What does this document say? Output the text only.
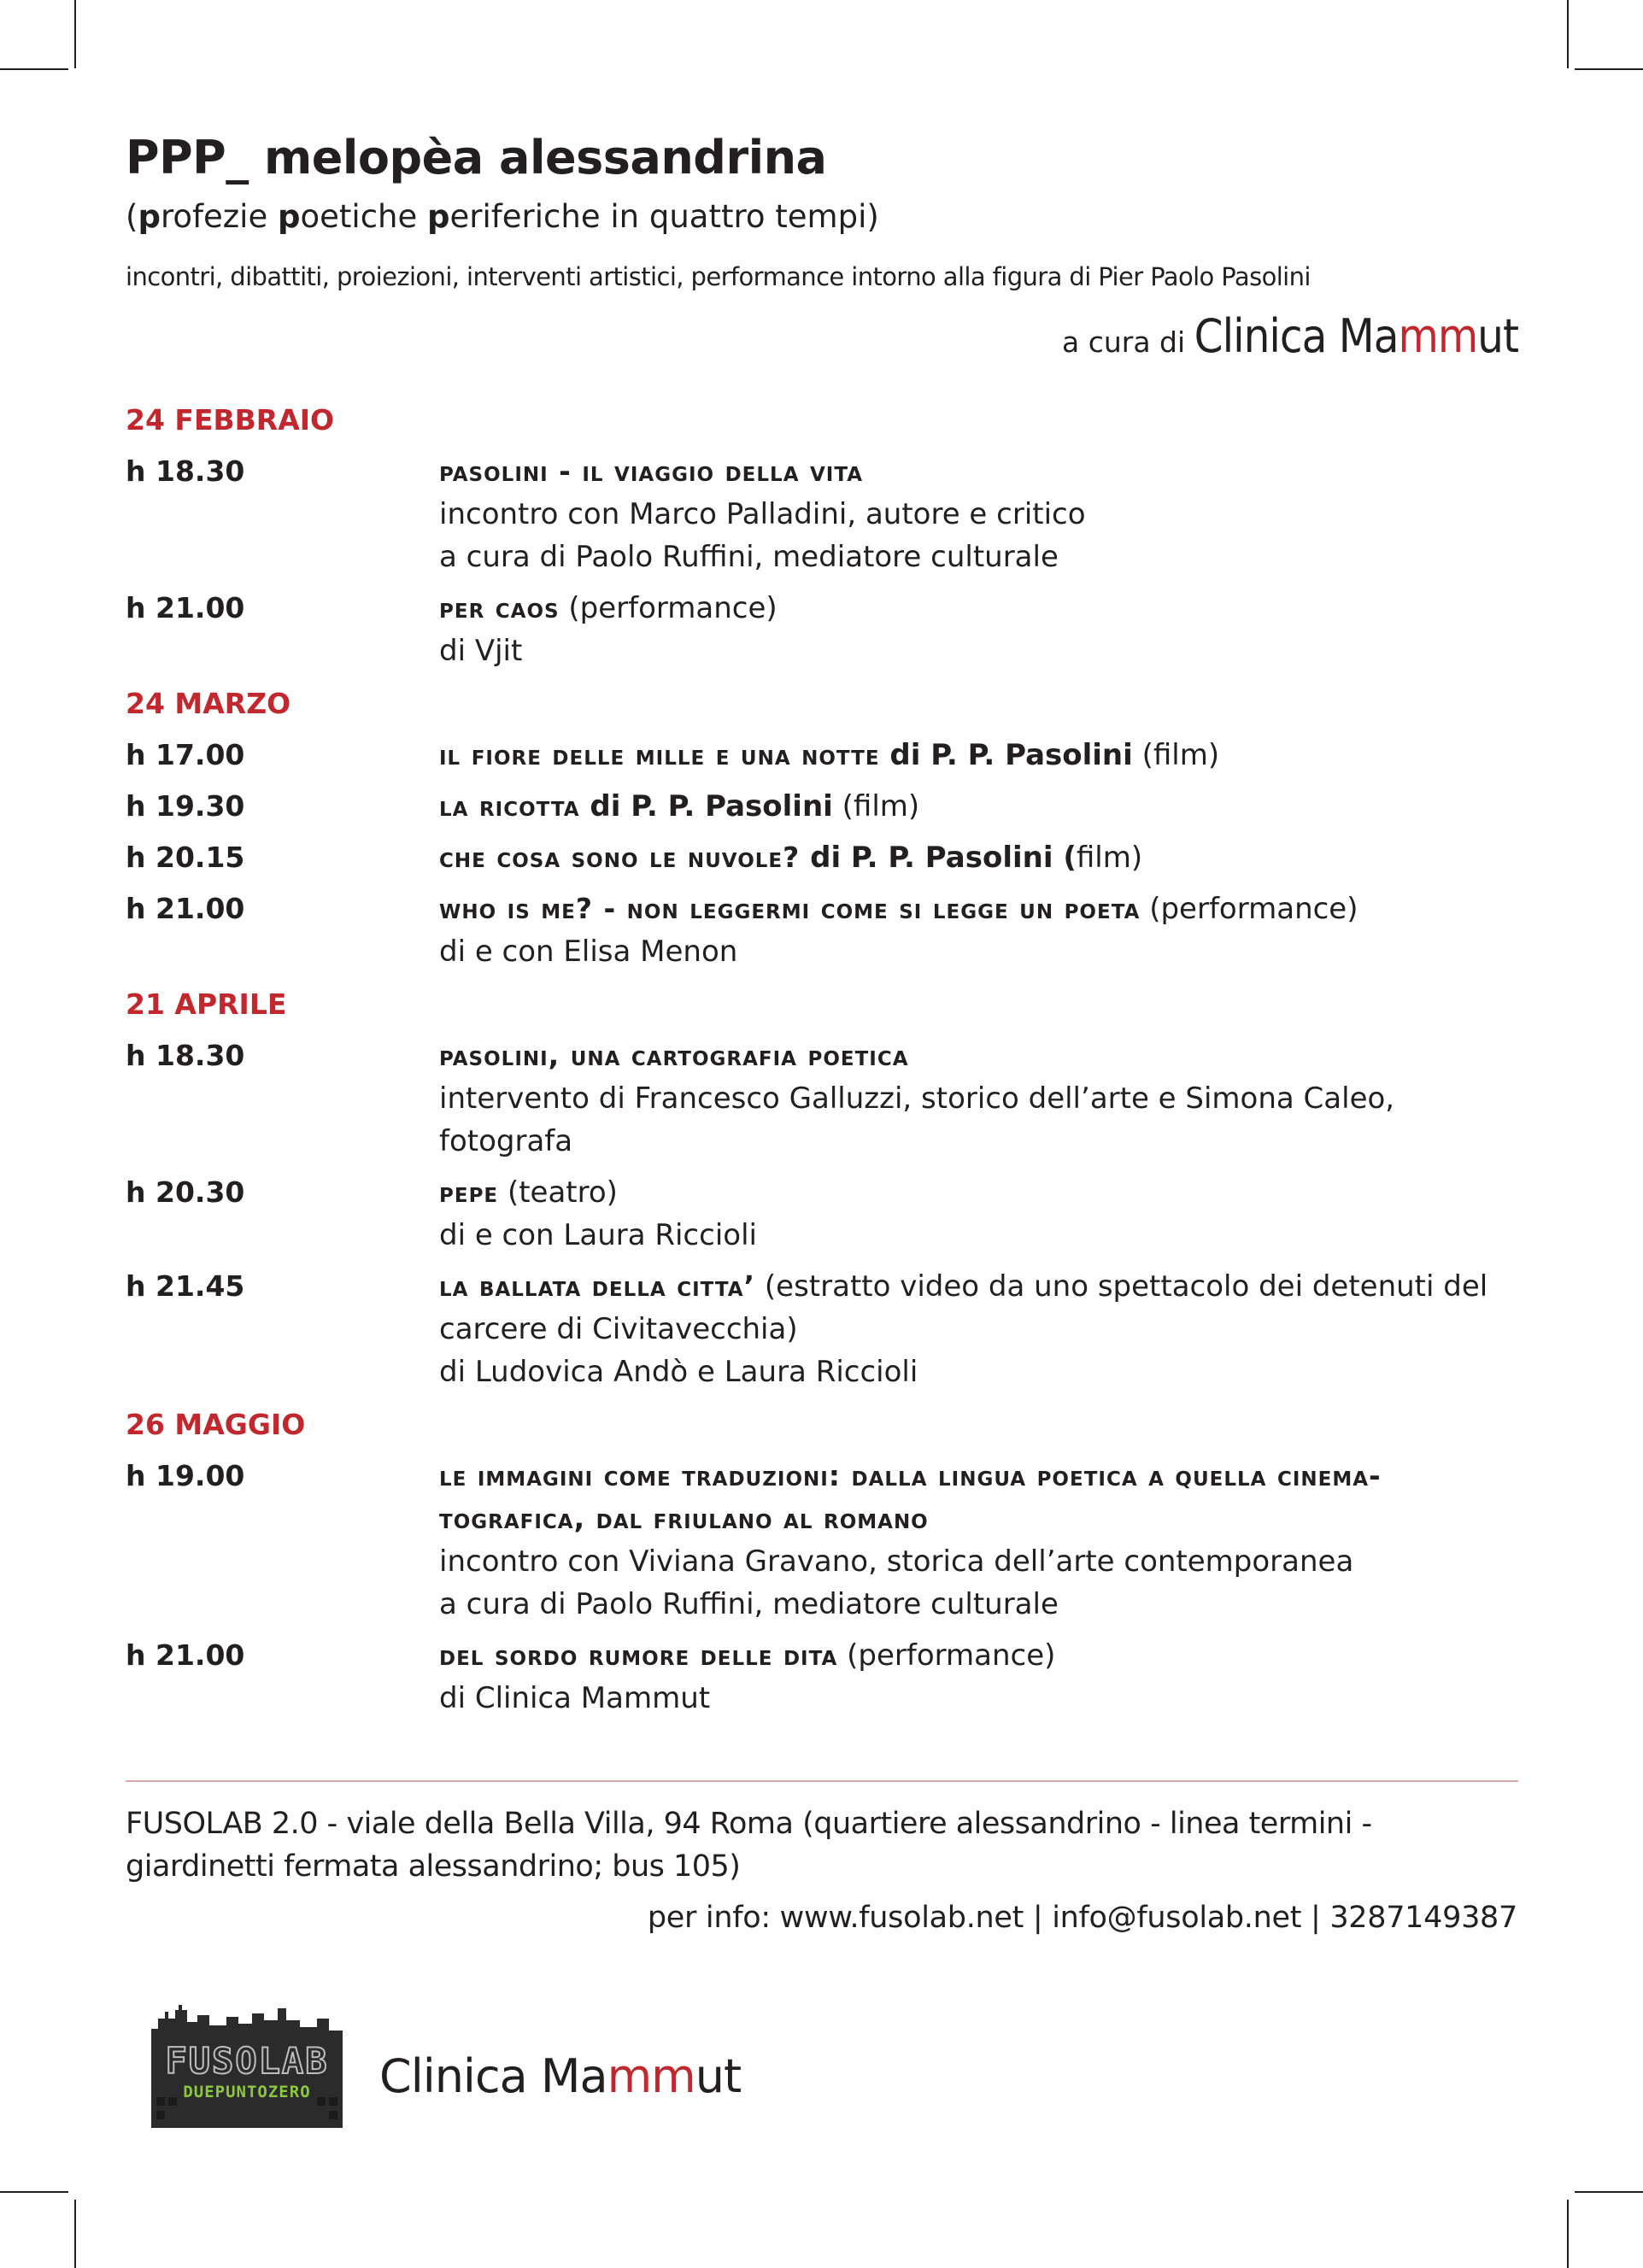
PPP_ melopèa alessandrina
(profezie poetiche periferiche in quattro tempi)
incontri, dibattiti, proiezioni, interventi artistici, performance intorno alla figura di Pier Paolo Pasolini
a cura di Clinica Mammut
24 FEBBRAIO
h 18.30	pasolini - il viaggio della vita
incontro con Marco Palladini, autore e critico
a cura di Paolo Ruffini, mediatore culturale
h 21.00	per caos (performance)
di Vjit
24 MARZO
h 17.00	il fiore delle mille e una notte di P. P. Pasolini (film)
h 19.30	la ricotta di P. P. Pasolini (film)
h 20.15	che cosa sono le nuvole? di P. P. Pasolini (film)
h 21.00	who is me? - non leggermi come si legge un poeta (performance)
di e con Elisa Menon
21 APRILE
h 18.30	pasolini, una cartografia poetica
intervento di Francesco Galluzzi, storico dell’arte e Simona Caleo, fotografa
h 20.30	pepe (teatro)
di e con Laura Riccioli
h 21.45	la ballata della citta’ (estratto video da uno spettacolo dei detenuti del carcere di Civitavecchia)
di Ludovica Andò e Laura Riccioli
26 MAGGIO
h 19.00	le immagini come traduzioni: dalla lingua poetica a quella cinema-tografica, dal friulano al romano
incontro con Viviana Gravano, storica dell’arte contemporanea
a cura di Paolo Ruffini, mediatore culturale
h 21.00	del sordo rumore delle dita (performance)
di Clinica Mammut
FUSOLAB 2.0 - viale della Bella Villa, 94 Roma (quartiere alessandrino - linea termini - giardinetti fermata alessandrino; bus 105)
per info: www.fusolab.net | info@fusolab.net | 3287149387
FUSOLAB
DUEPUNTOZERO Clinica Mammut
